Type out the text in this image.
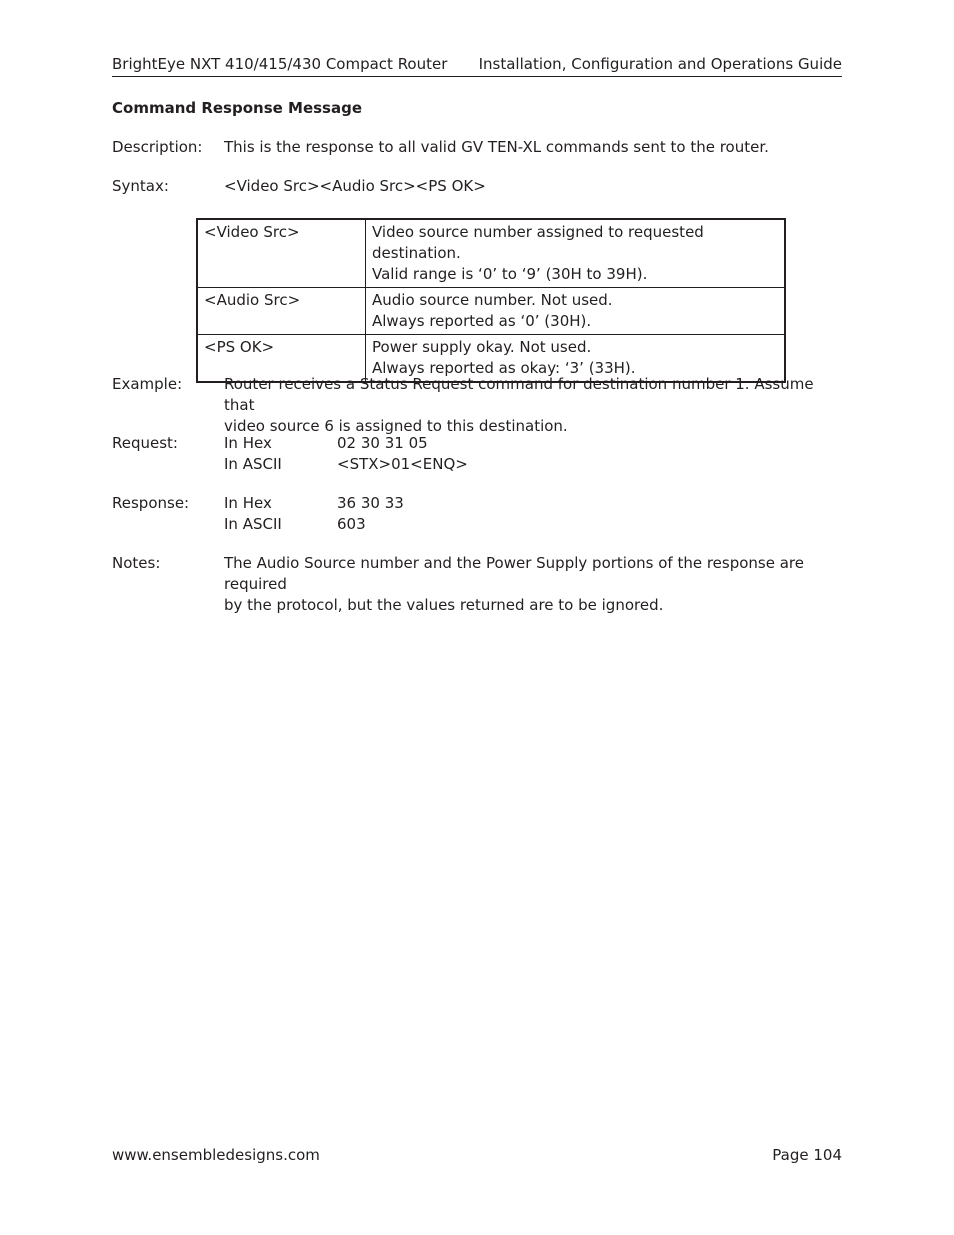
BrightEye NXT 410/415/430 Compact Router Installation, Configuration and Operations Guide
Command Response Message
Description:	This is the response to all valid GV TEN-XL commands sent to the router.
Syntax:	<Video Src><Audio Src><PS OK>
<Video Src>	Video source number assigned to requested destination.
Valid range is ‘0’ to ‘9’ (30H to 39H).

<Audio Src>	Audio source number. Not used.
Always reported as ‘0’ (30H).

<PS OK>	Power supply okay. Not used.
Always reported as okay: ‘3’ (33H).
Example:	Router receives a Status Request command for destination number 1. Assume that
video source 6 is assigned to this destination.
Request:	In Hex	02 30 31 05
In ASCII	<STX>01<ENQ>
Response:	In Hex	36 30 33
In ASCII	603
Notes:	The Audio Source number and the Power Supply portions of the response are required
by the protocol, but the values returned are to be ignored.
www.ensembledesigns.com	Page 104
